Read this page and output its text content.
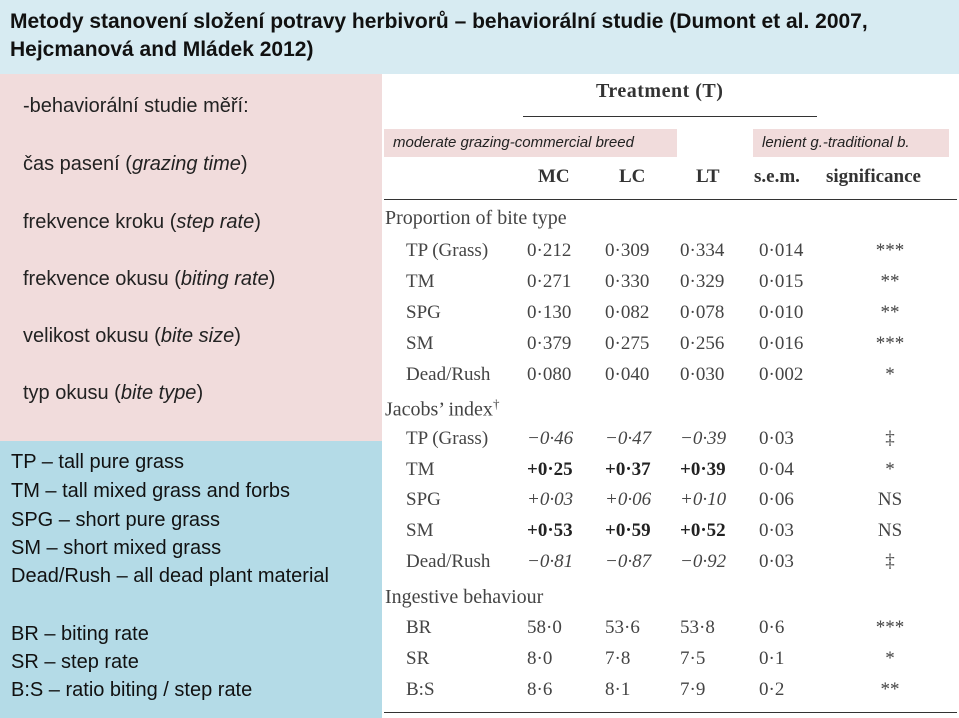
Metody stanovení složení potravy herbivorů – behaviorální studie (Dumont et al. 2007, Hejcmanová and Mládek 2012)
-behaviorální studie měří:
čas pasení (grazing time)
frekvence kroku (step rate)
frekvence okusu (biting rate)
velikost okusu (bite size)
typ okusu (bite type)
TP – tall pure grass
TM – tall mixed grass and forbs
SPG – short pure grass
SM – short mixed grass
Dead/Rush – all dead plant material
BR – biting rate
SR – step rate
B:S – ratio biting / step rate
Treatment (T)
moderate grazing-commercial breed	lenient g.-traditional b.
MC	LC	LT s.e.m. significance
Proportion of bite type
TP (Grass) 0·212 0·309 0·334 0·014	***
TM	0·271 0·330 0·329 0·015	**
SPG	0·130 0·082 0·078 0·010	**
SM	0·379 0·275 0·256 0·016	***
Dead/Rush 0·080 0·040 0·030 0·002	*
Jacobs’ index†
TP (Grass) −0·46 −0·47 −0·39 0·03	‡
TM	+0·25 +0·37 +0·39 0·04	*
SPG	+0·03 +0·06 +0·10 0·06	NS
SM	+0·53 +0·59 +0·52 0·03	NS
Dead/Rush −0·81 −0·87 −0·92 0·03	‡
Ingestive behaviour
BR	58·0 53·6 53·8 0·6	***
SR	8·0	7·8	7·5	0·1	*
B:S	8·6	8·1	7·9	0·2	**
